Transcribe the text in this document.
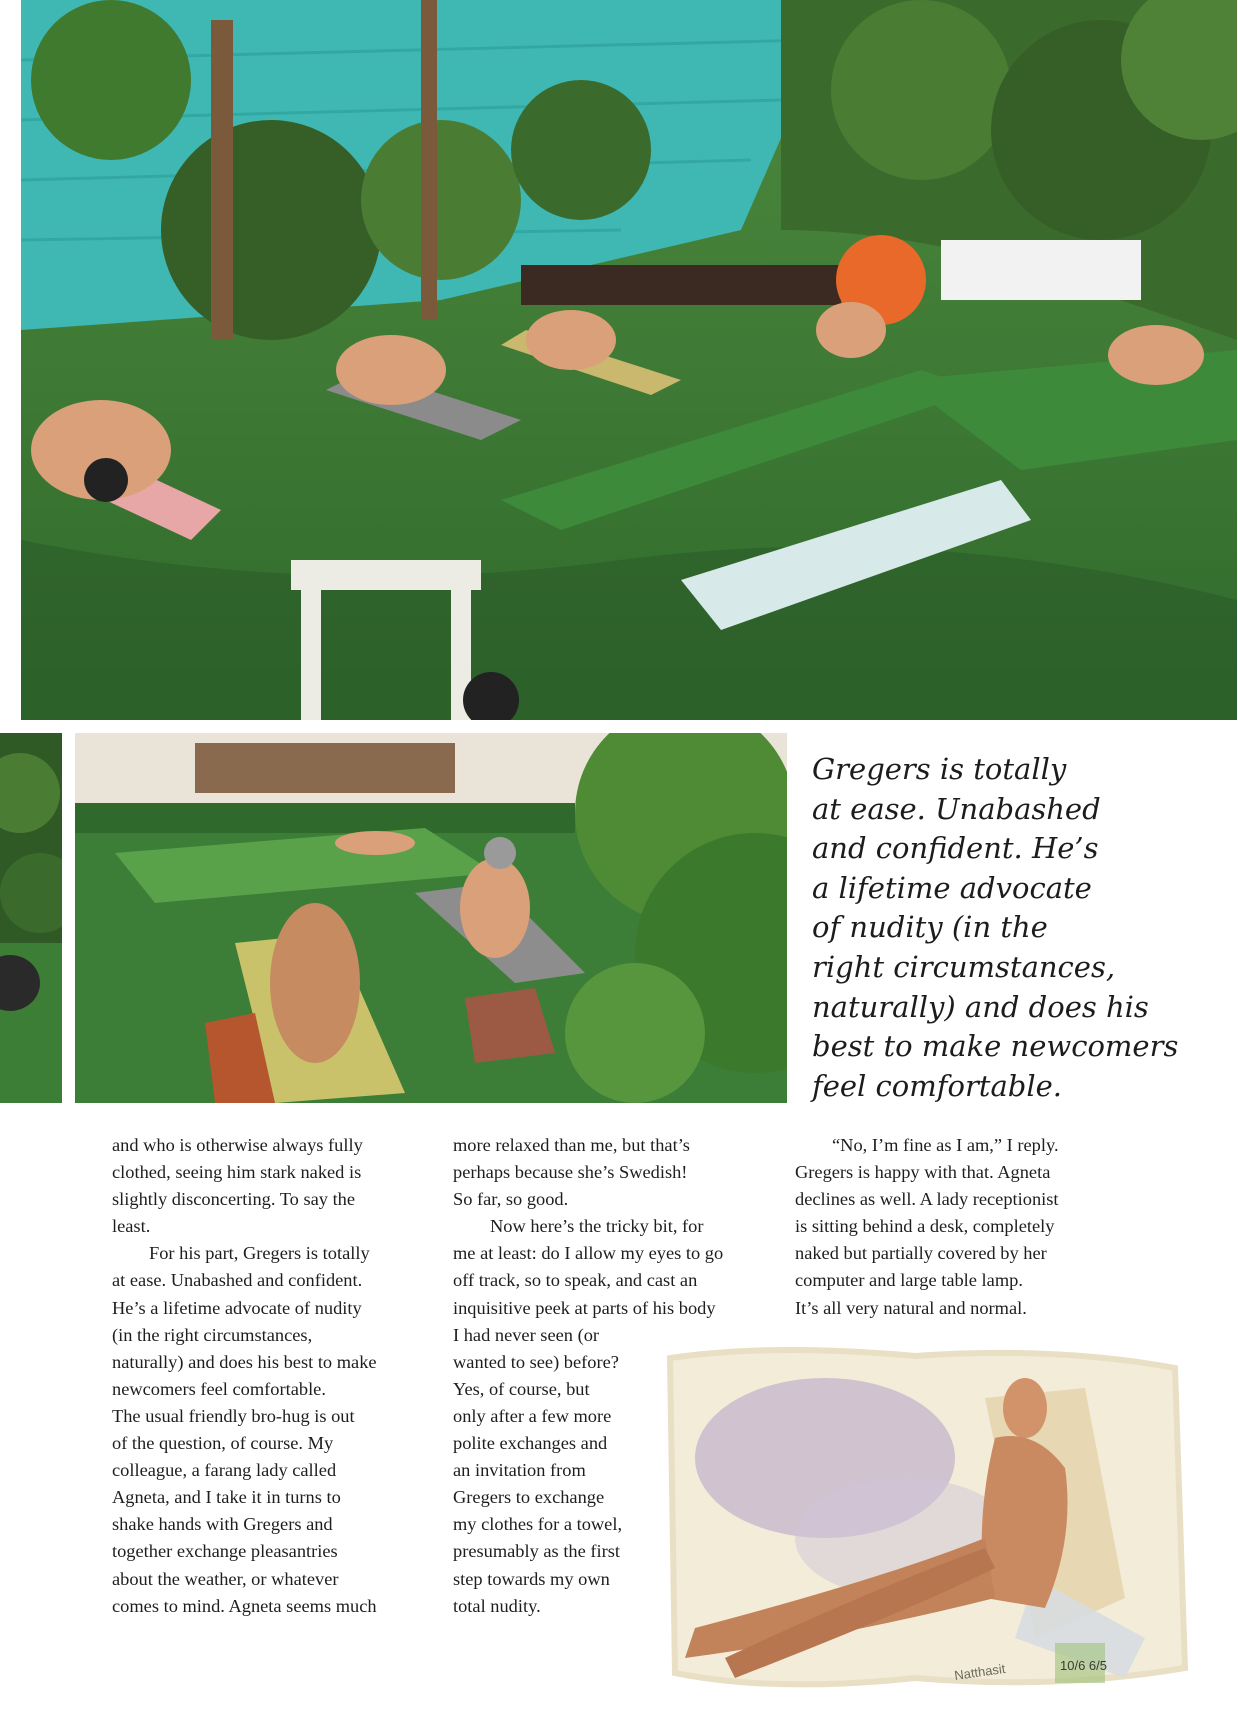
Gregers is totally
at ease. Unabashed
and confident. He’s
a lifetime advocate
of nudity (in the
right circumstances,
naturally) and does his
best to make newcomers
feel comfortable.
and who is otherwise always fully
clothed, seeing him stark naked is
slightly disconcerting. To say the
least.
For his part, Gregers is totally
at ease. Unabashed and confident.
He’s a lifetime advocate of nudity
(in the right circumstances,
naturally) and does his best to make
newcomers feel comfortable.
The usual friendly bro-hug is out
of the question, of course. My
colleague, a farang lady called
Agneta, and I take it in turns to
shake hands with Gregers and
together exchange pleasantries
about the weather, or whatever
comes to mind. Agneta seems much
more relaxed than me, but that’s
perhaps because she’s Swedish!
So far, so good.
Now here’s the tricky bit, for
me at least: do I allow my eyes to go
off track, so to speak, and cast an
inquisitive peek at parts of his body
I had never seen (or
wanted to see) before?
Yes, of course, but
only after a few more
polite exchanges and
an invitation from
Gregers to exchange
my clothes for a towel,
presumably as the first
step towards my own
total nudity.
“No, I’m fine as I am,” I reply.
Gregers is happy with that. Agneta
declines as well. A lady receptionist
is sitting behind a desk, completely
naked but partially covered by her
computer and large table lamp.
It’s all very natural and normal.
Natthasit	10/6 6/5
